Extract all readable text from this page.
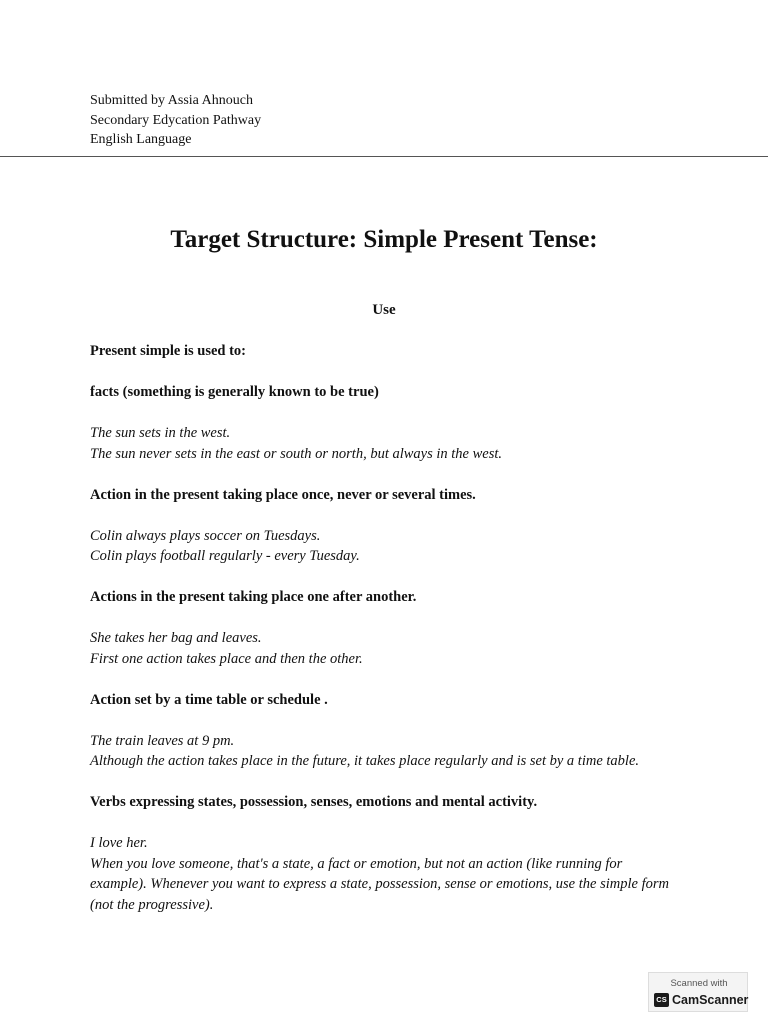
Submitted by Assia Ahnouch
Secondary Edycation Pathway
English Language
Target Structure: Simple Present Tense:
Use

Present simple is used to:

facts (something is generally known to be true)

The sun sets in the west.
The sun never sets in the east or south or north, but always in the west.

Action in the present taking place once, never or several times.

Colin always plays soccer on Tuesdays.
Colin plays football regularly - every Tuesday.

Actions in the present taking place one after another.

She takes her bag and leaves.
First one action takes place and then the other.

Action set by a time table or schedule .

The train leaves at 9 pm.
Although the action takes place in the future, it takes place regularly and is set by a time table.

Verbs expressing states, possession, senses, emotions and mental activity.

I love her.
When you love someone, that's a state, a fact or emotion, but not an action (like running for example). Whenever you want to express a state, possession, sense or emotions, use the simple form (not the progressive).
Scanned with
CS CamScanner
